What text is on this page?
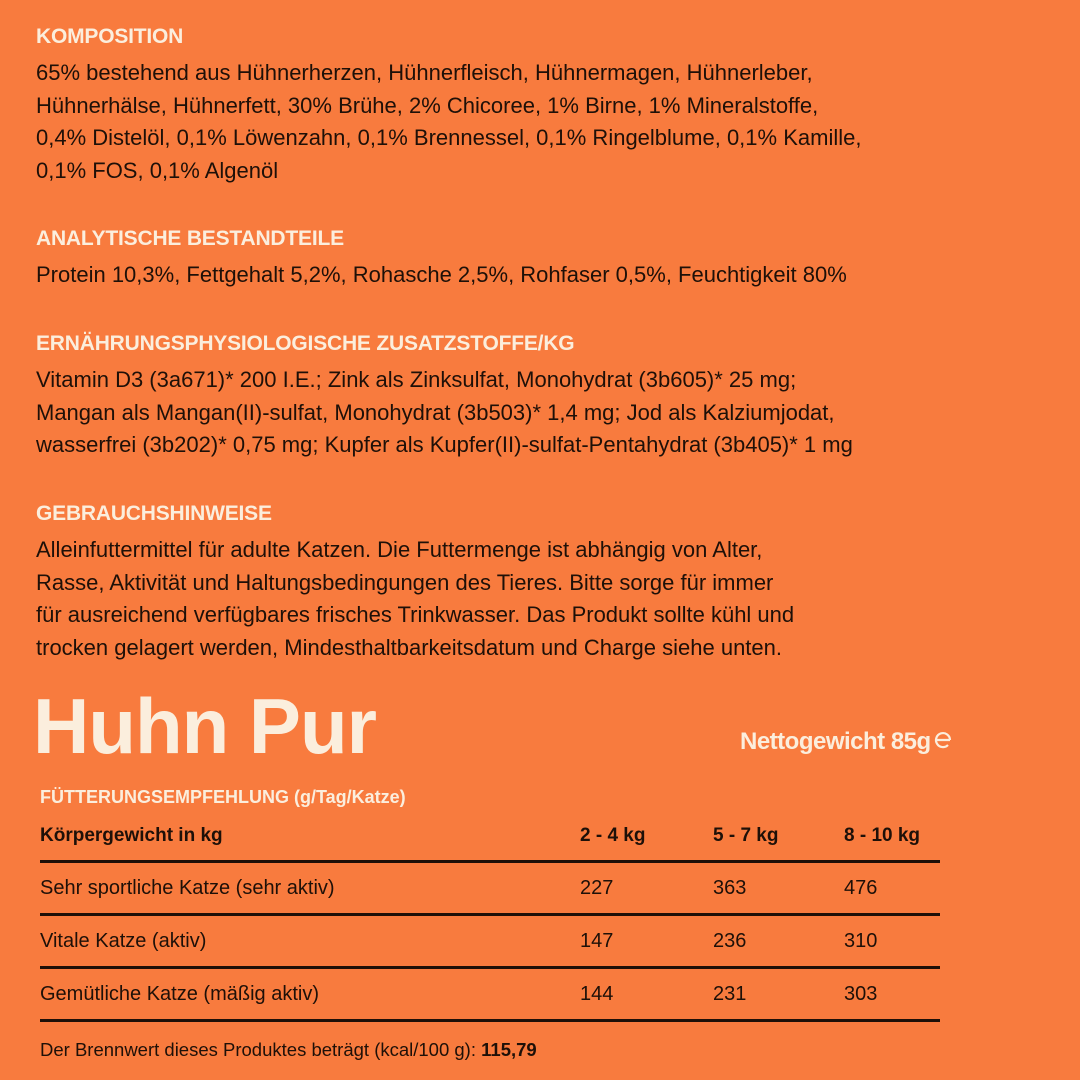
KOMPOSITION

65% bestehend aus Hühnerherzen, Hühnerfleisch, Hühnermagen, Hühnerleber,
Hühnerhälse, Hühnerfett, 30% Brühe, 2% Chicoree, 1% Birne, 1% Mineralstoffe,
0,4% Distelöl, 0,1% Löwenzahn, 0,1% Brennessel, 0,1% Ringelblume, 0,1% Kamille,
0,1% FOS, 0,1% Algenöl

ANALYTISCHE BESTANDTEILE

Protein 10,3%, Fettgehalt 5,2%, Rohasche 2,5%, Rohfaser 0,5%, Feuchtigkeit 80%

ERNÄHRUNGSPHYSIOLOGISCHE ZUSATZSTOFFE/KG

Vitamin D3 (3a671)* 200 I.E.; Zink als Zinksulfat, Monohydrat (3b605)* 25 mg;
Mangan als Mangan(II)-sulfat, Monohydrat (3b503)* 1,4 mg; Jod als Kalziumjodat,
wasserfrei (3b202)* 0,75 mg; Kupfer als Kupfer(II)-sulfat-Pentahydrat (3b405)* 1 mg

GEBRAUCHSHINWEISE

Alleinfuttermittel für adulte Katzen. Die Futtermenge ist abhängig von Alter,
Rasse, Aktivität und Haltungsbedingungen des Tieres. Bitte sorge für immer
für ausreichend verfügbares frisches Trinkwasser. Das Produkt sollte kühl und
trocken gelagert werden, Mindesthaltbarkeitsdatum und Charge siehe unten.

Huhn Pur	Nettogewicht 85g
FÜTTERUNGSEMPFEHLUNG (g/Tag/Katze)
Körpergewicht in kg	2 - 4 kg	5 - 7 kg	8 - 10 kg
Sehr sportliche Katze (sehr aktiv)	227	363	476
Vitale Katze (aktiv)	147	236	310
Gemütliche Katze (mäßig aktiv)	144	231	303
Der Brennwert dieses Produktes beträgt (kcal/100 g): 115,79
